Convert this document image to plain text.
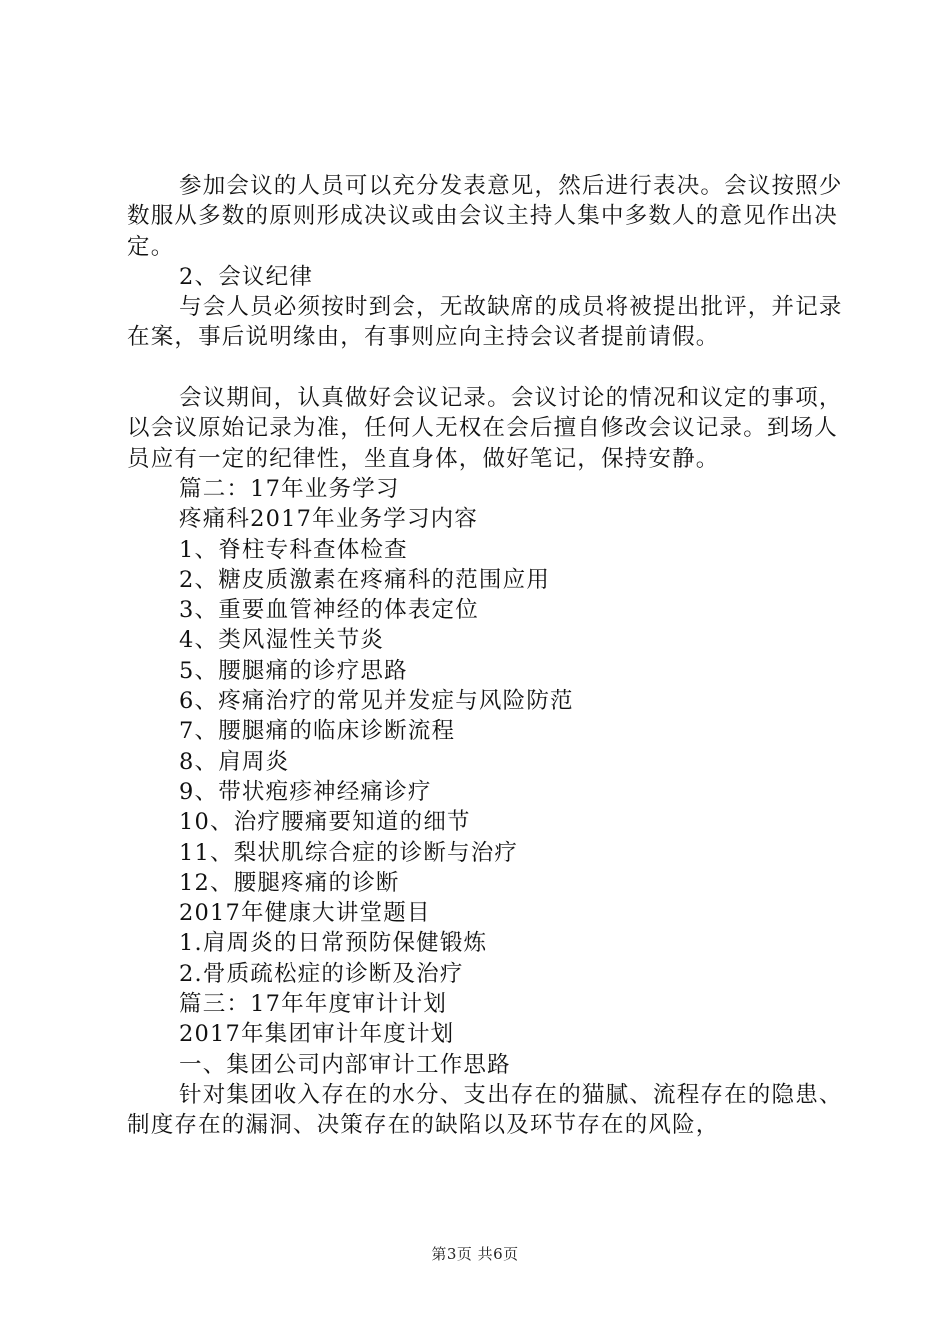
参加会议的人员可以充分发表意见，然后进行表决。会议按照少数服从多数的原则形成决议或由会议主持人集中多数人的意见作出决定。

2、会议纪律

与会人员必须按时到会，无故缺席的成员将被提出批评，并记录在案，事后说明缘由，有事则应向主持会议者提前请假。

会议期间，认真做好会议记录。会议讨论的情况和议定的事项，以会议原始记录为准，任何人无权在会后擅自修改会议记录。到场人员应有一定的纪律性，坐直身体，做好笔记，保持安静。

篇二：17年业务学习

疼痛科2017年业务学习内容

1、脊柱专科查体检查

2、糖皮质激素在疼痛科的范围应用

3、重要血管神经的体表定位

4、类风湿性关节炎

5、腰腿痛的诊疗思路

6、疼痛治疗的常见并发症与风险防范

7、腰腿痛的临床诊断流程

8、肩周炎

9、带状疱疹神经痛诊疗

10、治疗腰痛要知道的细节

11、梨状肌综合症的诊断与治疗

12、腰腿疼痛的诊断

2017年健康大讲堂题目

1.肩周炎的日常预防保健锻炼

2.骨质疏松症的诊断及治疗

篇三：17年年度审计计划

2017年集团审计年度计划

一、集团公司内部审计工作思路

针对集团收入存在的水分、支出存在的猫腻、流程存在的隐患、制度存在的漏洞、决策存在的缺陷以及环节存在的风险，

第3页 共6页
